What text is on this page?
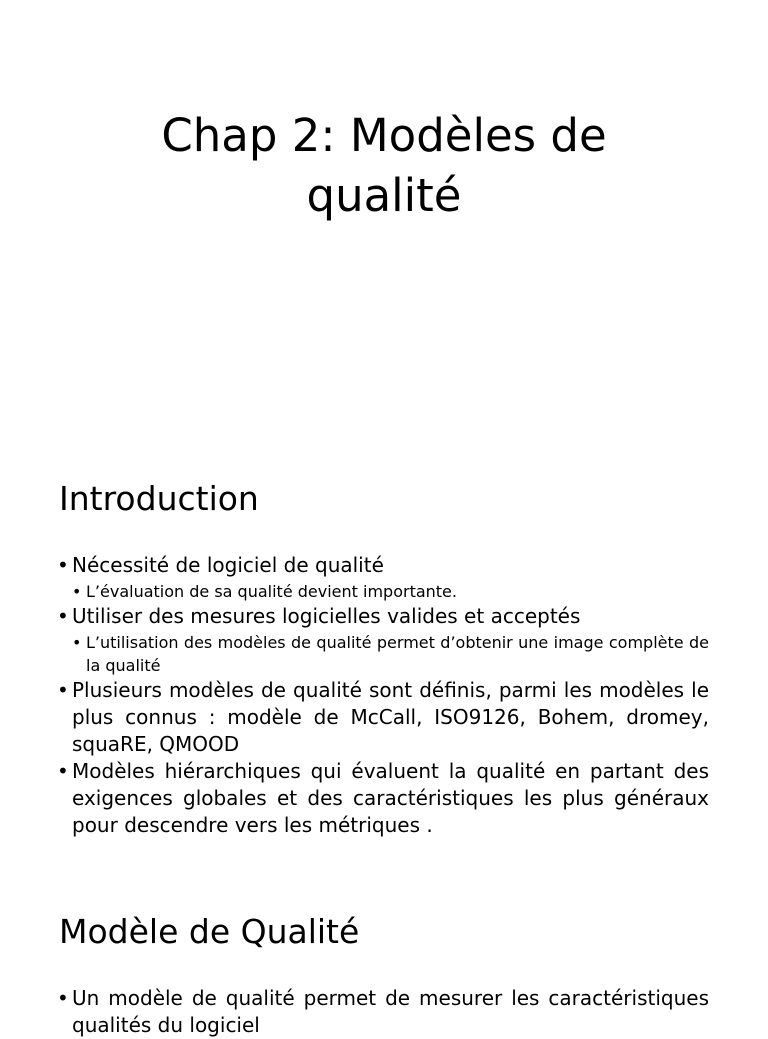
Chap 2: Modèles de
qualité
Introduction
• Nécessité de logiciel de qualité
• L’évaluation de sa qualité devient importante.
• Utiliser des mesures logicielles valides et acceptés
• L’utilisation des modèles de qualité permet d’obtenir une image complète de la qualité
• Plusieurs modèles de qualité sont définis, parmi les modèles le plus connus : modèle de McCall, ISO9126, Bohem, dromey, squaRE, QMOOD
• Modèles hiérarchiques qui évaluent la qualité en partant des exigences globales et des caractéristiques les plus généraux pour descendre vers les métriques .
Modèle de Qualité
• Un modèle de qualité permet de mesurer les caractéristiques qualités du logiciel
